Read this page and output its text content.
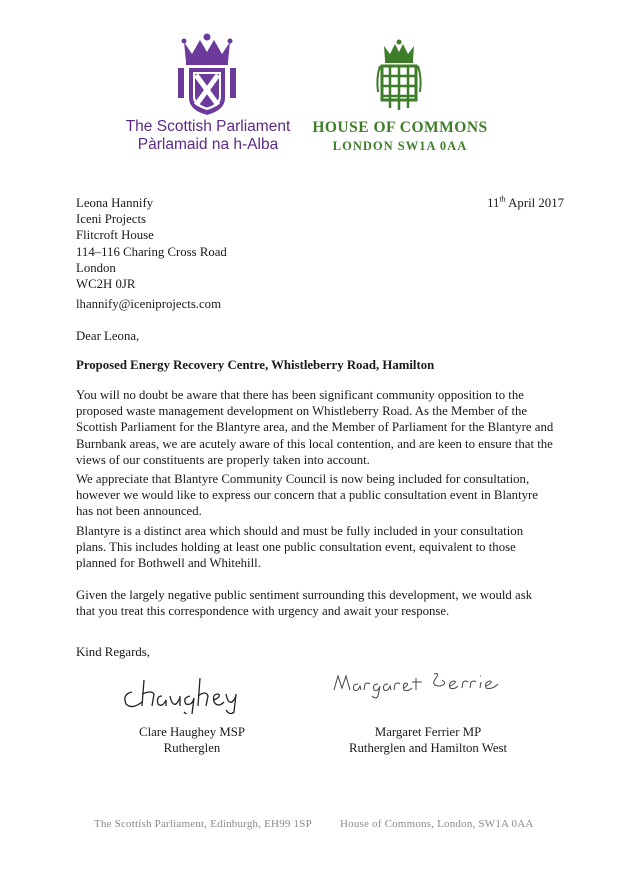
The Scottish Parliament
Pàrlamaid na h-Alba
HOUSE OF COMMONS
LONDON SW1A 0AA
11th April 2017
Leona Hannify
Iceni Projects
Flitcroft House
114–116 Charing Cross Road
London
WC2H 0JR
lhannify@iceniprojects.com
Dear Leona,
Proposed Energy Recovery Centre, Whistleberry Road, Hamilton
You will no doubt be aware that there has been significant community opposition to the proposed waste management development on Whistleberry Road. As the Member of the Scottish Parliament for the Blantyre area, and the Member of Parliament for the Blantyre and Burnbank areas, we are acutely aware of this local contention, and are keen to ensure that the views of our constituents are properly taken into account.
We appreciate that Blantyre Community Council is now being included for consultation, however we would like to express our concern that a public consultation event in Blantyre has not been announced.
Blantyre is a distinct area which should and must be fully included in your consultation plans. This includes holding at least one public consultation event, equivalent to those planned for Bothwell and Whitehill.
Given the largely negative public sentiment surrounding this development, we would ask that you treat this correspondence with urgency and await your response.
Kind Regards,
Clare Haughey MSP
Rutherglen
Margaret Ferrier MP
Rutherglen and Hamilton West
The Scottish Parliament, Edinburgh, EH99 1SP	House of Commons, London, SW1A 0AA
